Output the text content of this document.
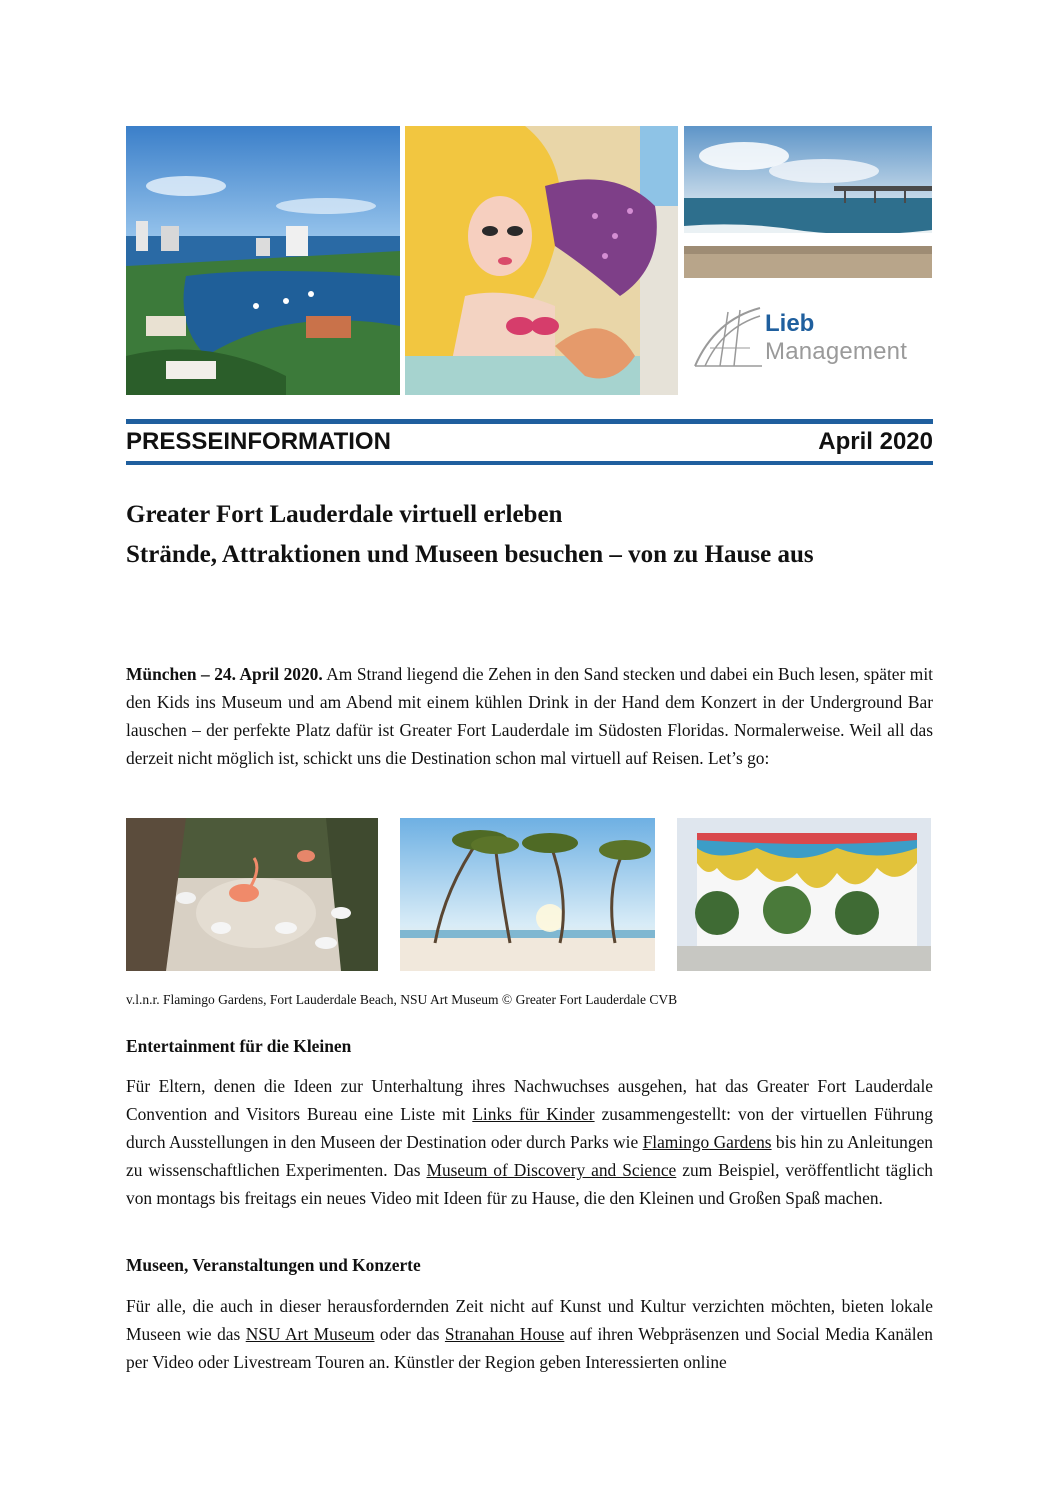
Lieb
Management
PRESSEINFORMATION	April 2020
Greater Fort Lauderdale virtuell erleben
Strände, Attraktionen und Museen besuchen – von zu Hause aus
München – 24. April 2020. Am Strand liegend die Zehen in den Sand stecken und dabei ein Buch lesen, später mit den Kids ins Museum und am Abend mit einem kühlen Drink in der Hand dem Konzert in der Underground Bar lauschen – der perfekte Platz dafür ist Greater Fort Lauderdale im Südosten Floridas. Normalerweise. Weil all das derzeit nicht möglich ist, schickt uns die Destination schon mal virtuell auf Reisen. Let’s go:
v.l.n.r. Flamingo Gardens, Fort Lauderdale Beach, NSU Art Museum © Greater Fort Lauderdale CVB
Entertainment für die Kleinen
Für Eltern, denen die Ideen zur Unterhaltung ihres Nachwuchses ausgehen, hat das Greater Fort Lauderdale Convention and Visitors Bureau eine Liste mit Links für Kinder zusammengestellt: von der virtuellen Führung durch Ausstellungen in den Museen der Destination oder durch Parks wie Flamingo Gardens bis hin zu Anleitungen zu wissenschaftlichen Experimenten. Das Museum of Discovery and Science zum Beispiel, veröffentlicht täglich von montags bis freitags ein neues Video mit Ideen für zu Hause, die den Kleinen und Großen Spaß machen.
Museen, Veranstaltungen und Konzerte
Für alle, die auch in dieser herausfordernden Zeit nicht auf Kunst und Kultur verzichten möchten, bieten lokale Museen wie das NSU Art Museum oder das Stranahan House auf ihren Webpräsenzen und Social Media Kanälen per Video oder Livestream Touren an. Künstler der Region geben Interessierten online
